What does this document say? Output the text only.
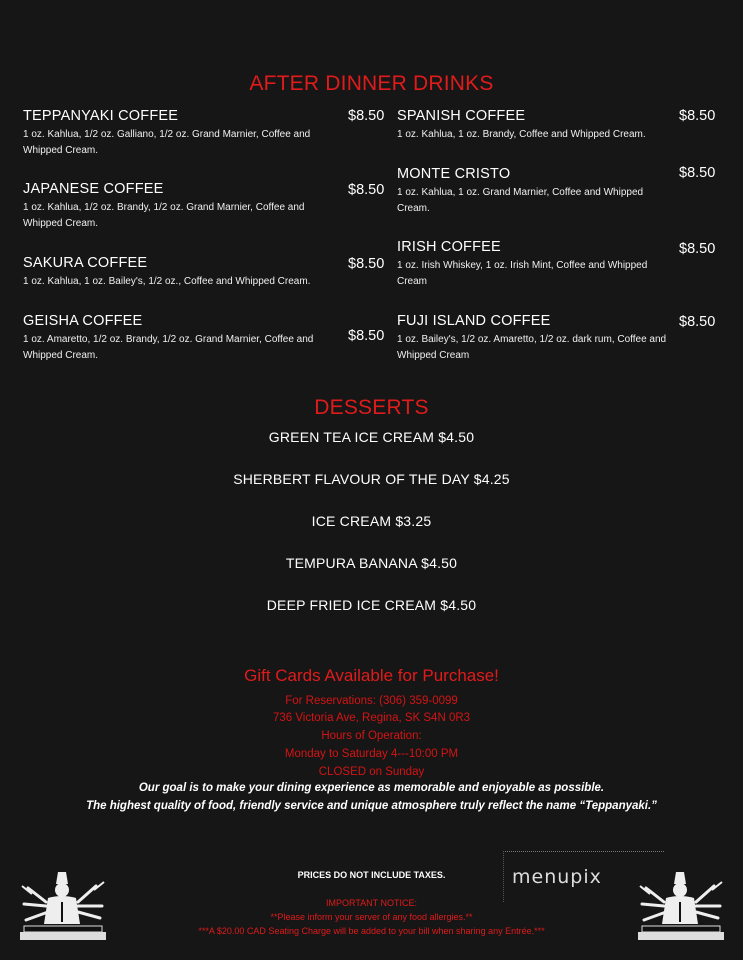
AFTER DINNER DRINKS
TEPPANYAKI COFFEE
1 oz. Kahlua, 1/2 oz. Galliano, 1/2 oz. Grand Marnier, Coffee and Whipped Cream.
$8.50
JAPANESE COFFEE
1 oz. Kahlua, 1/2 oz. Brandy, 1/2 oz. Grand Marnier, Coffee and Whipped Cream.
$8.50
SAKURA COFFEE
1 oz. Kahlua, 1 oz. Bailey's, 1/2 oz., Coffee and Whipped Cream.
$8.50
GEISHA COFFEE
1 oz. Amaretto, 1/2 oz. Brandy, 1/2 oz. Grand Marnier, Coffee and Whipped Cream.
$8.50
SPANISH COFFEE
1 oz. Kahlua, 1 oz. Brandy, Coffee and Whipped Cream.
$8.50
MONTE CRISTO
1 oz. Kahlua, 1 oz. Grand Marnier, Coffee and Whipped Cream.
$8.50
IRISH COFFEE
1 oz. Irish Whiskey, 1 oz. Irish Mint, Coffee and Whipped Cream
$8.50
FUJI ISLAND COFFEE
1 oz. Bailey's, 1/2 oz. Amaretto, 1/2 oz. dark rum, Coffee and Whipped Cream
$8.50
DESSERTS
GREEN TEA ICE CREAM $4.50
SHERBERT FLAVOUR OF THE DAY $4.25
ICE CREAM $3.25
TEMPURA BANANA $4.50
DEEP FRIED ICE CREAM $4.50
Gift Cards Available for Purchase!
For Reservations: (306) 359-0099
736 Victoria Ave, Regina, SK S4N 0R3
Hours of Operation:
Monday to Saturday 4---10:00 PM
CLOSED on Sunday
Our goal is to make your dining experience as memorable and enjoyable as possible.
The highest quality of food, friendly service and unique atmosphere truly reflect the name “Teppanyaki.”
PRICES DO NOT INCLUDE TAXES.
IMPORTANT NOTICE:
**Please inform your server of any food allergies.**
***A $20.00 CAD Seating Charge will be added to your bill when sharing any Entrée.***
menupix
